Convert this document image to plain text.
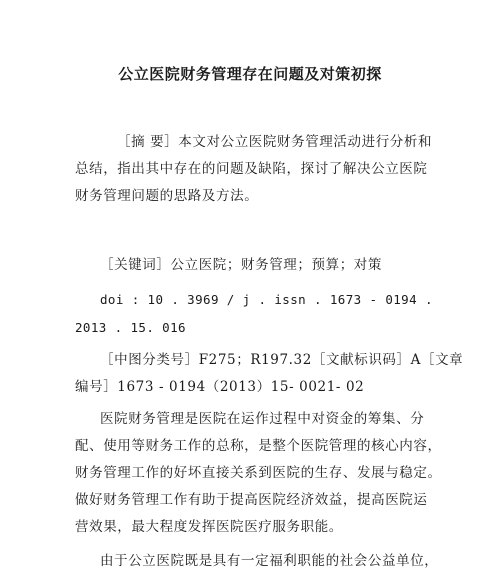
公立医院财务管理存在问题及对策初探
［摘 要］本文对公立医院财务管理活动进行分析和
总结，指出其中存在的问题及缺陷，探讨了解决公立医院
财务管理问题的思路及方法。
［关键词］公立医院；财务管理；预算；对策
doi : 10 . 3969 / j . issn . 1673 - 0194 .
2013 . 15. 016
［中图分类号］F275；R197.32［文献标识码］A［文章
编号］1673 - 0194（2013）15- 0021- 02
医院财务管理是医院在运作过程中对资金的筹集、分
配、使用等财务工作的总称，是整个医院管理的核心内容，
财务管理工作的好坏直接关系到医院的生存、发展与稳定。
做好财务管理工作有助于提高医院经济效益，提高医院运
营效果，最大程度发挥医院医疗服务职能。
由于公立医院既是具有一定福利职能的社会公益单位，
